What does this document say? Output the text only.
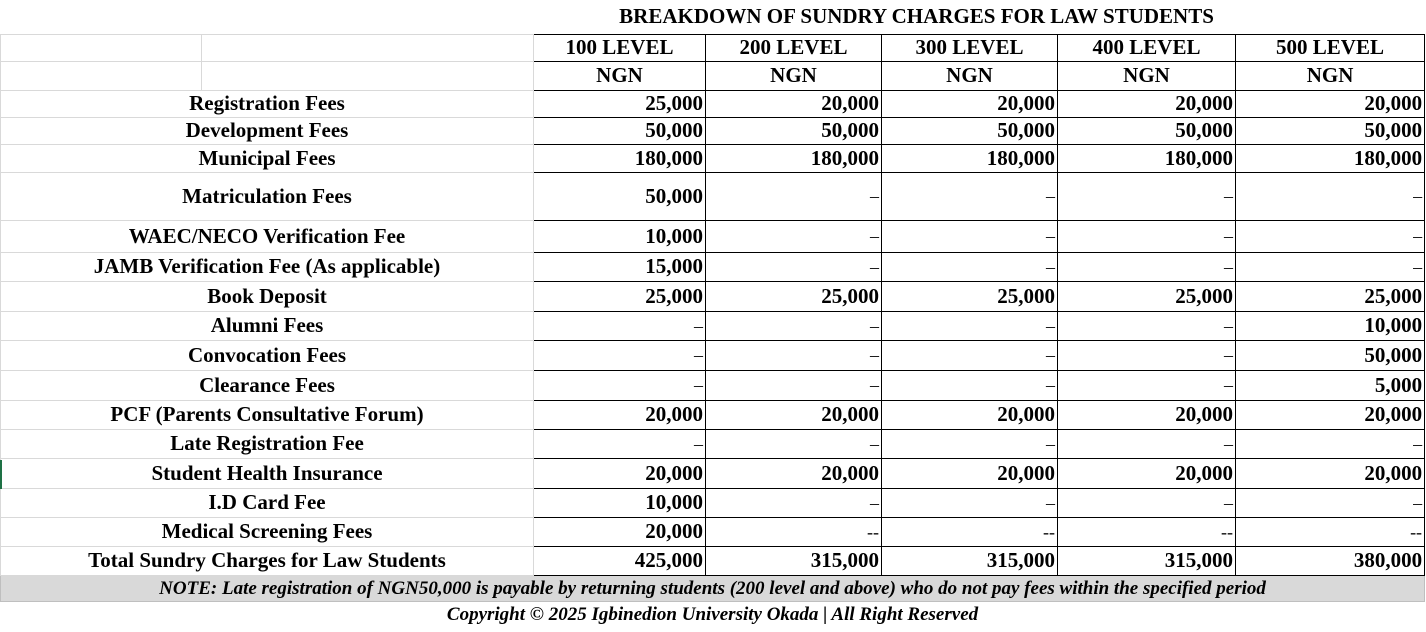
BREAKDOWN OF SUNDRY CHARGES FOR LAW STUDENTS						
		100 LEVEL	200 LEVEL	300 LEVEL	400 LEVEL	500 LEVEL
		NGN	NGN	NGN	NGN	NGN
Registration Fees		25,000	20,000	20,000	20,000	20,000
Development Fees		50,000	50,000	50,000	50,000	50,000
Municipal Fees		180,000	180,000	180,000	180,000	180,000
Matriculation Fees		50,000	–	–	–	–
WAEC/NECO Verification Fee		10,000	–	–	–	–
JAMB Verification Fee (As applicable)		15,000	–	–	–	–
Book Deposit		25,000	25,000	25,000	25,000	25,000
Alumni Fees		–	–	–	–	10,000
Convocation Fees		–	–	–	–	50,000
Clearance Fees		–	–	–	–	5,000
PCF (Parents Consultative Forum)		20,000	20,000	20,000	20,000	20,000
Late Registration Fee		–	–	–	–	–
Student Health Insurance		20,000	20,000	20,000	20,000	20,000
I.D Card Fee		10,000	–	–	–	–
Medical Screening Fees		20,000	--	--	--	--
Total Sundry Charges for Law Students		425,000	315,000	315,000	315,000	380,000
NOTE: Late registration of NGN50,000 is payable by returning students (200 level and above) who do not pay fees within the specified period						
Copyright © 2025 Igbinedion University Okada | All Right Reserved						
